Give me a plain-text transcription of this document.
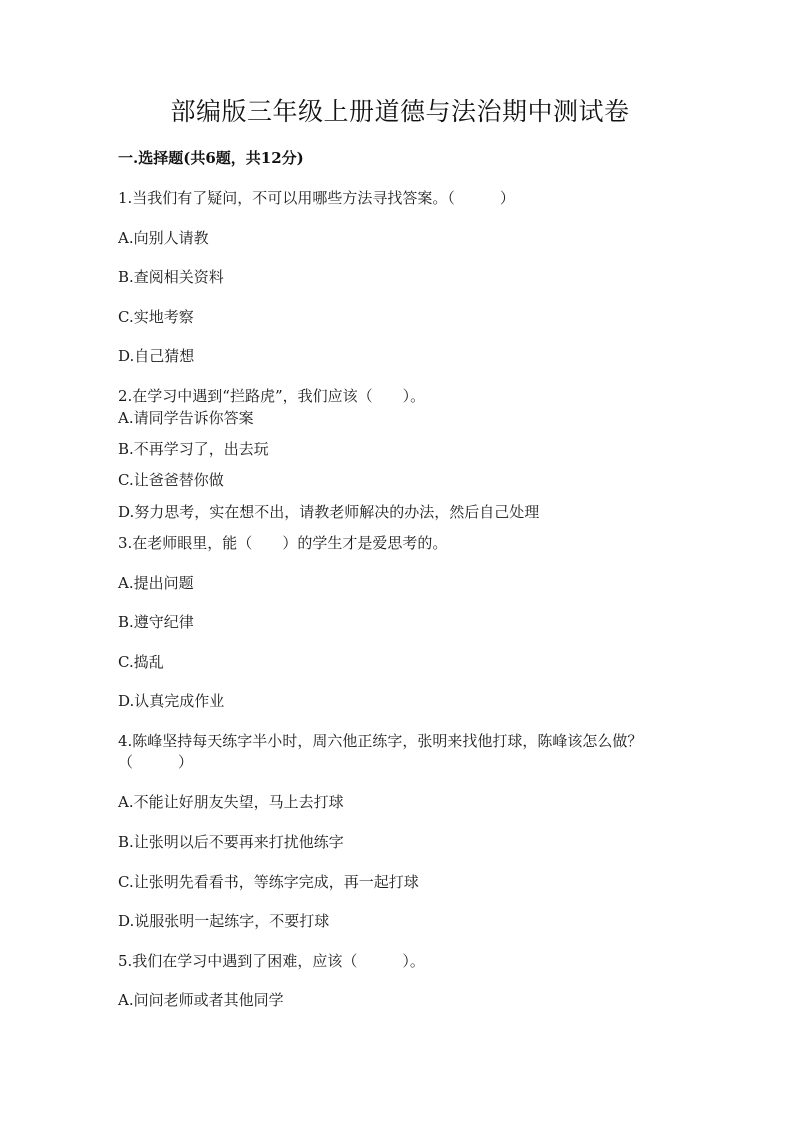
部编版三年级上册道德与法治期中测试卷
一.选择题(共6题，共12分)
1.当我们有了疑问，不可以用哪些方法寻找答案。（　　　）
A.向别人请教
B.查阅相关资料
C.实地考察
D.自己猜想
2.在学习中遇到“拦路虎”，我们应该（　　）。
A.请同学告诉你答案
B.不再学习了，出去玩
C.让爸爸替你做
D.努力思考，实在想不出，请教老师解决的办法，然后自己处理
3.在老师眼里，能（　　）的学生才是爱思考的。
A.提出问题
B.遵守纪律
C.捣乱
D.认真完成作业
4.陈峰坚持每天练字半小时，周六他正练字，张明来找他打球，陈峰该怎么做？（　　　）
A.不能让好朋友失望，马上去打球
B.让张明以后不要再来打扰他练字
C.让张明先看看书，等练字完成，再一起打球
D.说服张明一起练字，不要打球
5.我们在学习中遇到了困难，应该（　　　）。
A.问问老师或者其他同学
